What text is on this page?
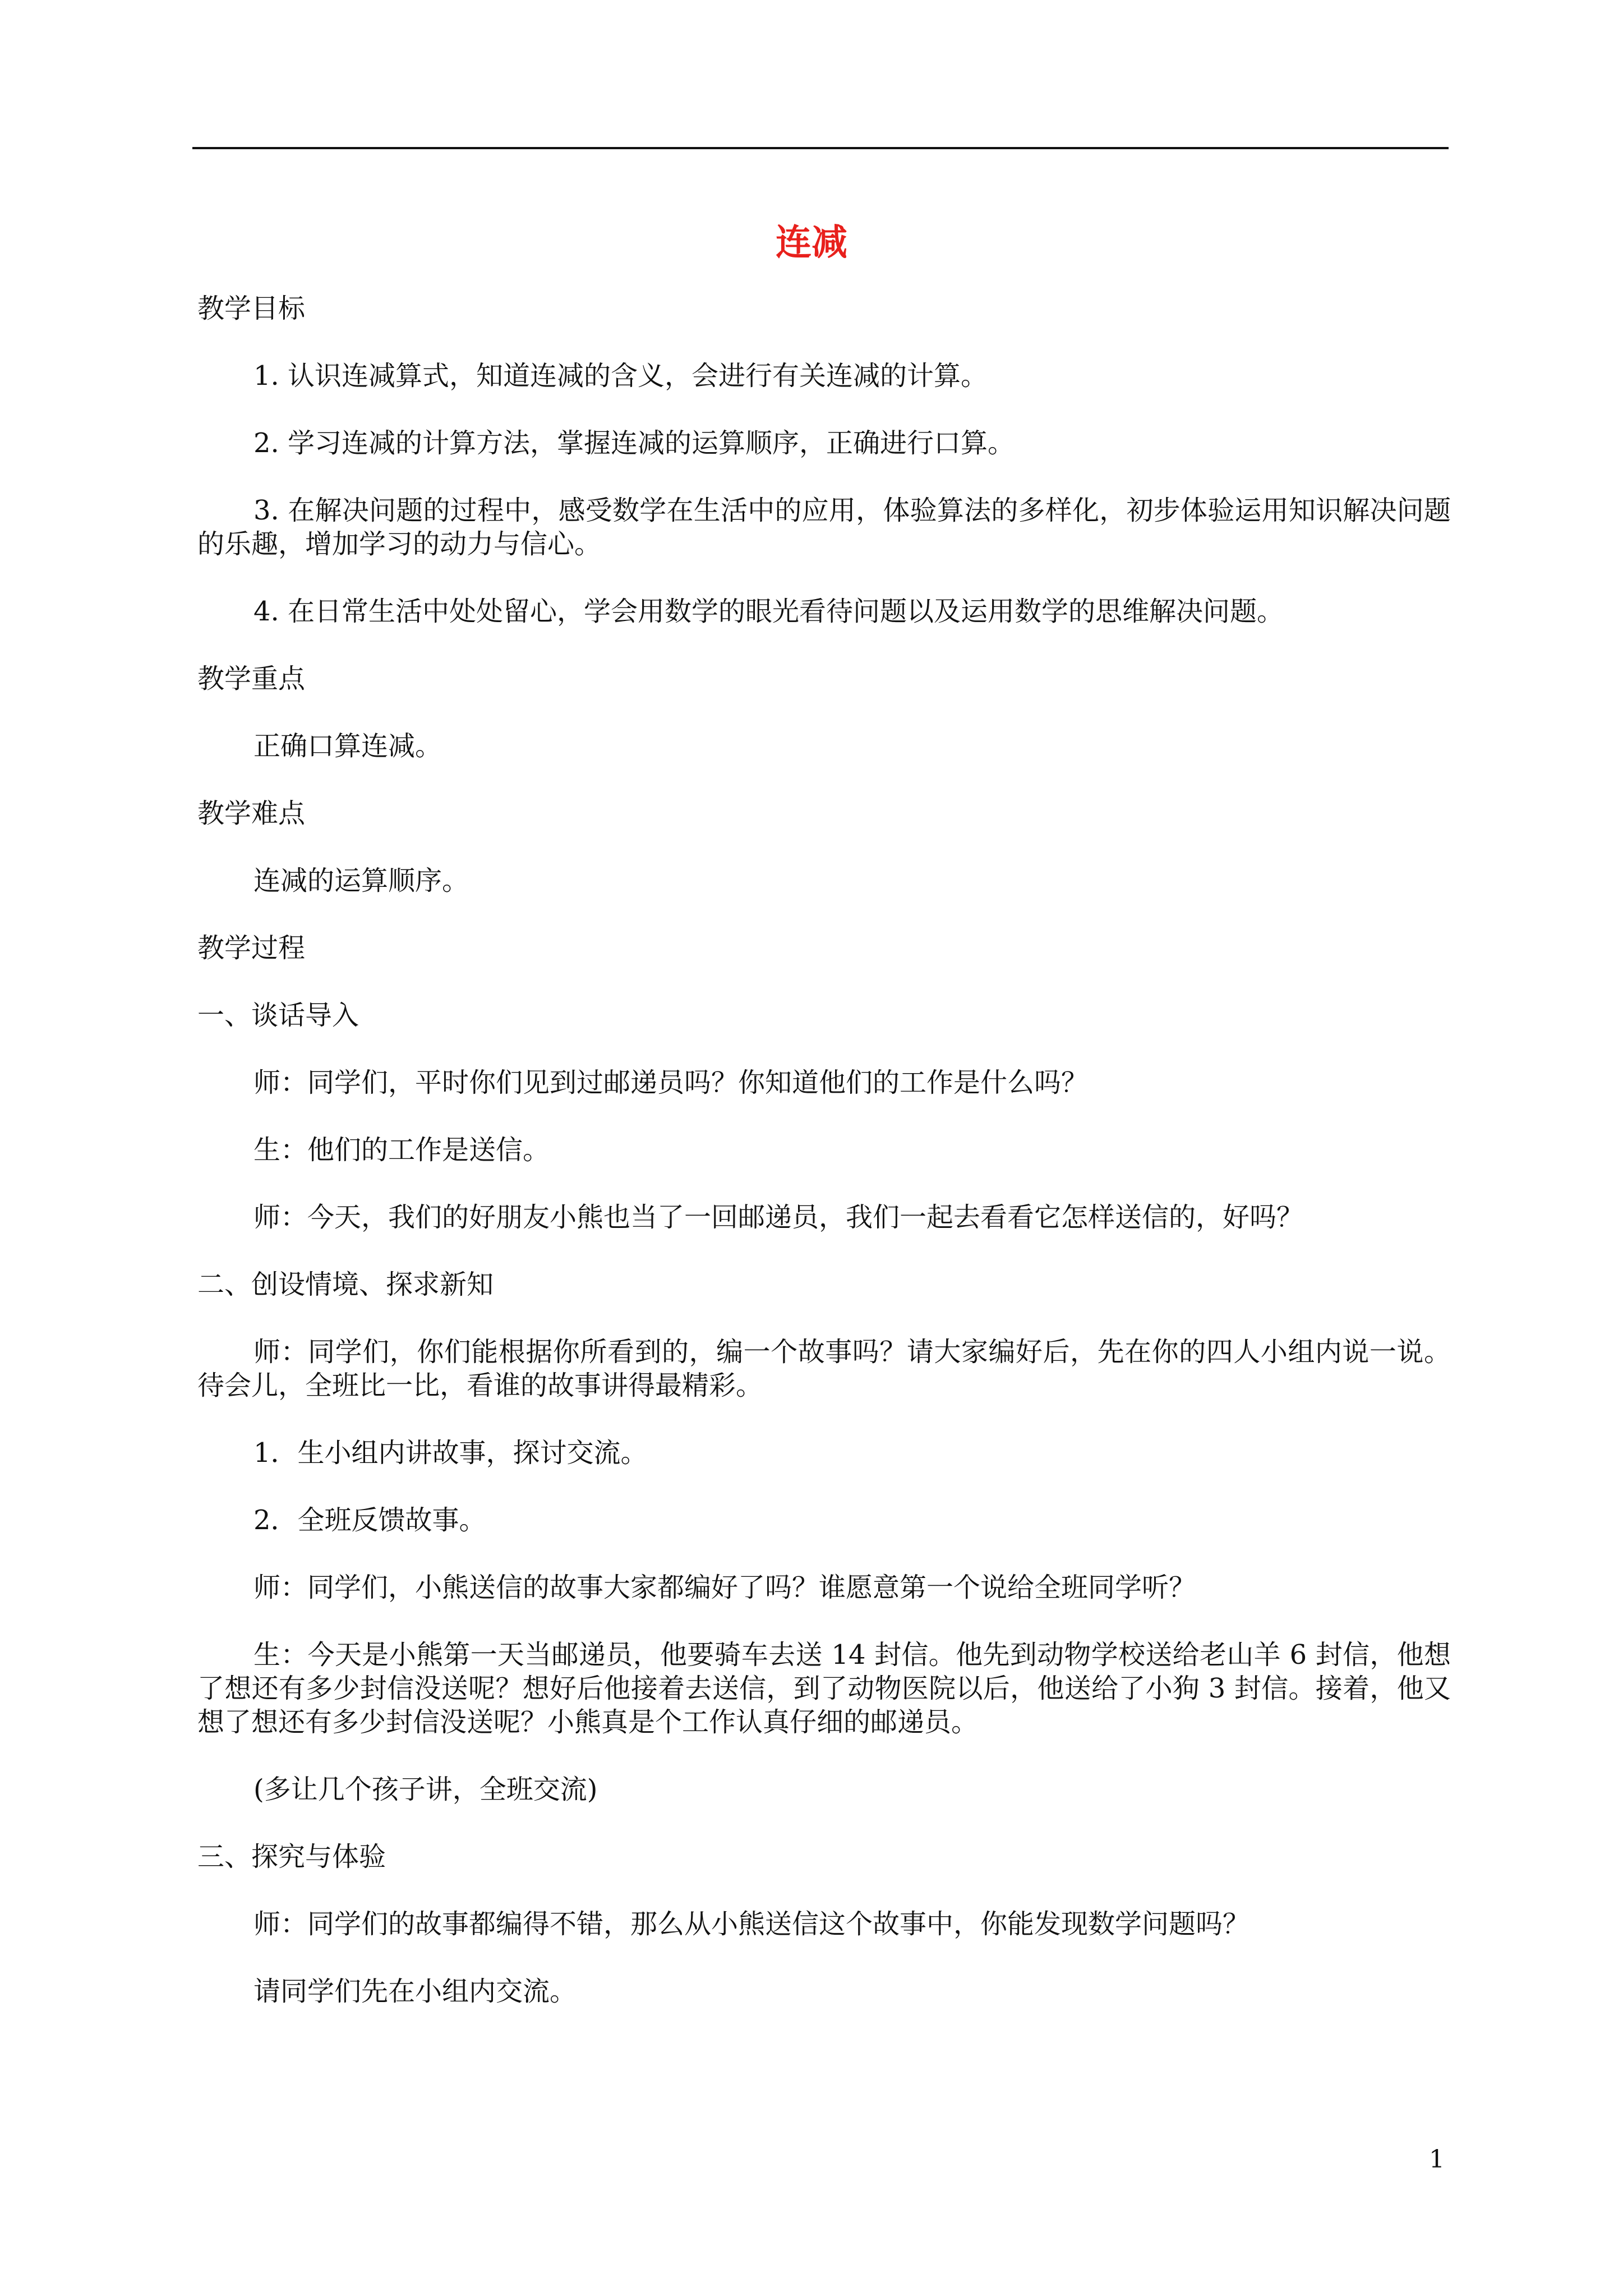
连减

教学目标

1. 认识连减算式，知道连减的含义，会进行有关连减的计算。

2. 学习连减的计算方法，掌握连减的运算顺序，正确进行口算。

3. 在解决问题的过程中，感受数学在生活中的应用，体验算法的多样化，初步体验运用知识解决问题的乐趣，增加学习的动力与信心。

4. 在日常生活中处处留心，学会用数学的眼光看待问题以及运用数学的思维解决问题。

教学重点

正确口算连减。

教学难点

连减的运算顺序。

教学过程

一、谈话导入

师：同学们，平时你们见到过邮递员吗？你知道他们的工作是什么吗？

生：他们的工作是送信。

师：今天，我们的好朋友小熊也当了一回邮递员，我们一起去看看它怎样送信的，好吗？

二、创设情境、探求新知

师：同学们，你们能根据你所看到的，编一个故事吗？请大家编好后，先在你的四人小组内说一说。待会儿，全班比一比，看谁的故事讲得最精彩。

1．生小组内讲故事，探讨交流。

2．全班反馈故事。

师：同学们，小熊送信的故事大家都编好了吗？谁愿意第一个说给全班同学听？

生：今天是小熊第一天当邮递员，他要骑车去送 14 封信。他先到动物学校送给老山羊 6 封信，他想了想还有多少封信没送呢？想好后他接着去送信，到了动物医院以后，他送给了小狗 3 封信。接着，他又想了想还有多少封信没送呢？小熊真是个工作认真仔细的邮递员。

(多让几个孩子讲，全班交流)

三、探究与体验

师：同学们的故事都编得不错，那么从小熊送信这个故事中，你能发现数学问题吗？

请同学们先在小组内交流。

1
